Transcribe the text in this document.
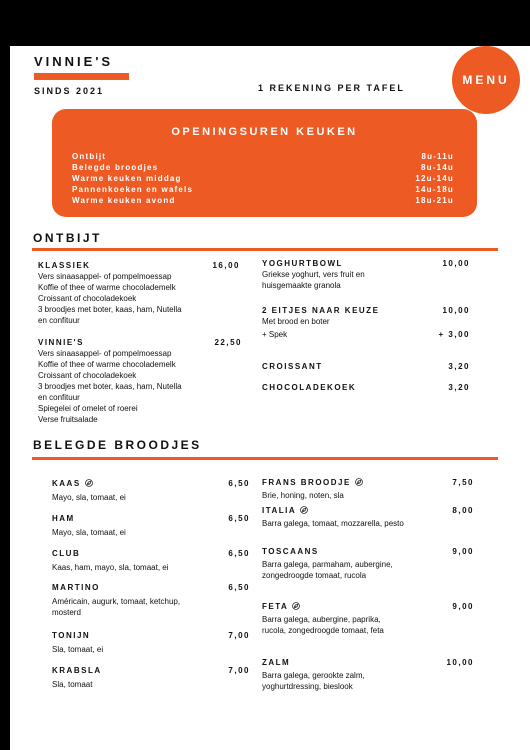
VINNIE'S
SINDS 2021	1 REKENING PER TAFEL
MENU
OPENINGSUREN KEUKEN
Ontbijt	8u-11u
Belegde broodjes	8u-14u
Warme keuken middag	12u-14u
Pannenkoeken en wafels	14u-18u
Warme keuken avond	18u-21u
ONTBIJT
KLASSIEK	16,00
Vers sinaasappel- of pompelmoessap
Koffie of thee of warme chocolademelk
Croissant of chocoladekoek
3 broodjes met boter, kaas, ham, Nutella
en confituur
VINNIE'S	22,50
Vers sinaasappel- of pompelmoessap
Koffie of thee of warme chocolademelk
Croissant of chocoladekoek
3 broodjes met boter, kaas, ham, Nutella
en confituur
Spiegelei of omelet of roerei
Verse fruitsalade
YOGHURTBOWL	10,00
Griekse yoghurt, vers fruit en
huisgemaakte granola
2 EITJES NAAR KEUZE	10,00
Met brood en boter
+ Spek	+ 3,00
CROISSANT	3,20
CHOCOLADEKOEK	3,20
BELEGDE BROODJES
KAAS	6,50
Mayo, sla, tomaat, ei
HAM	6,50
Mayo, sla, tomaat, ei
CLUB	6,50
Kaas, ham, mayo, sla, tomaat, ei
MARTINO	6,50
Américain, augurk, tomaat, ketchup,
mosterd
TONIJN	7,00
Sla, tomaat, ei
KRABSLA	7,00
Sla, tomaat
FRANS BROODJE	7,50
Brie, honing, noten, sla
ITALIA	8,00
Barra galega, tomaat, mozzarella, pesto
TOSCAANS	9,00
Barra galega, parmaham, aubergine,
zongedroogde tomaat, rucola
FETA	9,00
Barra galega, aubergine, paprika,
rucola, zongedroogde tomaat, feta
ZALM	10,00
Barra galega, gerookte zalm,
yoghurtdressing, bieslook
